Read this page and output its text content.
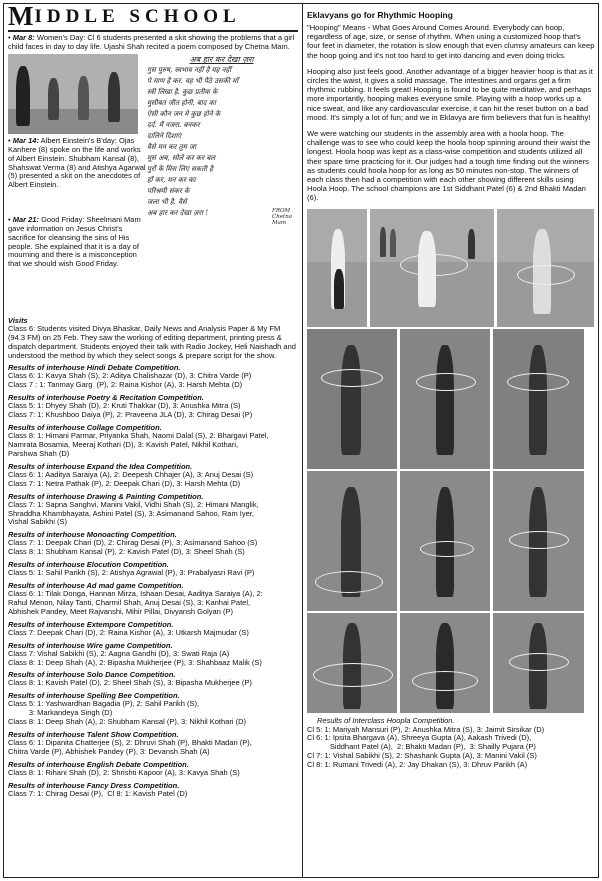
M IDDLE SCHOOL

• Mar 8: Women's Day: Cl 6 students presented a skit showing the problems that a girl child faces in day to day life. Ujashi Shah recited a poem composed by Chetna Mam.

अब हार कर देखा ज़रा
गुस पुरुष, स्वभाव नहीं है यह नहीं
पे माण है कर. वह भी पैठे उसकी माँ
स्त्री लिखा है. कुछ प्रतीक के
मुसीबत जीत होनी. बाद का
ऐसी कौन जन मे कुछ होने के
दर्द. मैं नजरा. बनकर
दालिने दिशाएं
वैसे मन कर तुम जा
मूस अब, सोले कर कर बल
पुरों के मिस लिए सकती है
हाँ कर, मन कर का
परिश्रमी संकर के
जला भी है. वैसे
अब हार कर देखा ज़रा !	FROM Chetna Mam

• Mar 14: Albert Einstein's B'day: Ojas Kanhere (8) spoke on the life and works of Albert Einstein. Shubham Kansal (8), Shahswat Verma (8) and Atishya Agarwal (5) presented a skit on the anecdotes of Albert Einstein.

• Mar 21: Good Friday: Sheelmani Mam gave information on Jesus Christ's sacrifice for cleansing the sins of His people. She explained that it is a day of mourning and there is a misconception that we should wish Good Friday.

Visits

Class 6: Students visited Divya Bhaskar, Daily News and Analysis Paper & My FM (94.3 FM) on 25 Feb. They saw the working of editing department, printing press & dispatch department. Students enjoyed their talk with Radio Jockey, Heli Naishadh and understood the method by which they select songs & prepare script for the show.

Results of interhouse Hindi Debate Competition.
Class 6: 1: Kavya Shah (S), 2: Aditya Chalishazar (D), 3: Chitra Varde (P)
Class 7 : 1: Tanmay Garg  (P), 2: Raina Kishor (A), 3: Harsh Mehta (D)
Results of interhouse Poetry & Recitation Competition.
Class 5: 1: Dhyey Shah (D), 2: Kruti Thakkar (D), 3: Anushka Mitra (S)
Class 7: 1: Khushboo Daiya (P), 2: Praveena JLA (D), 3: Chirag Desai (P)
Results of interhouse Collage Competition.
Class 8: 1: Himani Parmar, Priyanka Shah, Naomi Dalal (S), 2: Bhargavi Patel,
Namrata Bosamia, Meeraj Kothari (D), 3: Kavish Patel, Nikhil Kothari,
Parshwa Shah (D)
Results of interhouse Expand the Idea Competition.
Class 6: 1: Aaditya Saraiya (A), 2: Deepesh Chhajer (A), 3: Anuj Desai (S)
Class 7: 1: Netra Pathak (P), 2: Deepak Chari (D), 3: Harsh Mehta (D)
Results of interhouse Drawing & Painting Competition.
Class 7: 1: Sapna Sanghvi, Manini Vakil, Vidhi Shah (S), 2: Himani Manglik,
Shraddha Khambhayata, Ashini Patel (S), 3: Asimanand Sahoo, Ram Iyer,
Vishal Sabikhi (S)
Results of interhouse Monoacting Competition.
Class 7: 1: Deepak Chari (D), 2: Chirag Desai (P), 3: Asimanand Sahoo (S)
Class 8: 1: Shubham Kansal (P), 2: Kavish Patel (D), 3: Sheel Shah (S)
Results of interhouse Elocution Competition.
Class 5: 1: Sahil Parikh (S), 2: Atishya Agrawal (P), 3: Prabalyasri Ravi (P)
Results of interhouse Ad mad game Competition.
Class 6: 1: Tilak Donga, Hannan Mirza, Ishaan Desai, Aaditya Saraiya (A), 2:
Rahul Menon, Nilay Tanti, Charmil Shah, Anuj Desai (S), 3: Kanhai Patel,
Abhishek Pandey, Meet Rajvanshi, Mihir Pillai, Divyansh Golyan (P)
Results of interhouse Extempore Competition.
Class 7: Deepak Chari (D), 2: Raina Kishor (A), 3: Utkarsh Majmudar (S)
Results of interhouse Wire game Competition.
Class 7: Vishal Sabikhi (S), 2: Aagna Gandhi (D), 3: Swati Raja (A)
Class 8: 1: Deep Shah (A), 2: Bipasha Mukherjee (P), 3: Shahbaaz Malik (S)
Results of interhouse Solo Dance Competition.
Class 8: 1: Kavish Patel (D), 2: Sheel Shah (S), 3: Bipasha Mukherjee (P)
Results of interhouse Spelling Bee Competition.
Class 5: 1: Yashwardhan Bagadia (P), 2: Sahil Parikh (S),
3: Markandeya Singh (D)
Class 8: 1: Deep Shah (A), 2: Shubham Kansal (P), 3: Nikhil Kothari (D)
Results of interhouse Talent Show Competition.
Class 6: 1: Dipanita Chatterjee (S), 2: Dhruvi Shah (P), Bhakti Madan (P),
Chitra Varde (P), Abhishek Pandey (P), 3: Devansh Shah (A)
Results of interhouse English Debate Competition.
Class 8: 1: Rihani Shah (D), 2: Shrishti Kapoor (A), 3: Kavya Shah (S)
Results of interhouse Fancy Dress Competition.
Class 7: 1: Chirag Desai (P),  Cl 8: 1: Kavish Patel (D)
Eklavyans go for Rhythmic Hooping

"Hooping" Means - What Goes Around Comes Around. Everybody can hoop, regardless of age, size, or sense of rhythm. When using a customized hoop that's four feet in diameter, the rotation is slow enough that even clumsy amateurs can keep the hoop going and it's not too hard to get into dancing and even doing tricks.

Hooping also just feels good. Another advantage of a bigger heavier hoop is that as it circles the waist, it gives a solid massage. The intestines and organs get a firm rhythmic rubbing. It feels great! Hooping is found to be quite meditative, and perhaps more importantly, hooping makes everyone smile. Playing with a hoop works up a nice sweat, and like any cardiovascular exercise, it can hit the reset button on a bad mood. It's simply a lot of fun; and we in Eklavya are firm believers that fun is healthy!

We were watching our students in the assembly area with a hoola hoop. The challenge was to see who could keep the hoola hoop spinning around their waist the longest. Hoola hoop was kept as a class-wise competition and students utilized all their spare time practicing for it. Our judges had a tough time finding out the winners as students could hoola hoop for as long as 50 minutes non-stop. The winners of each class then had a competition with each other showing different skills using Hoola Hoop. The school champions are 1st Siddhant Patel (6) & 2nd Bhakti Madan (6).

Results of Interclass Hoopla Competition.
Cl 5: 1: Mariyah Mansuri (P), 2: Anushka Mitra (S), 3: Jaimit Sirsikar (D)
Cl 6: 1: Ipsita Bhargava (A), Shreeya Gupta (A), Aakash Trivedi (D),
Siddhant Patel (A),  2: Bhakti Madan (P),  3: Shailly Pujara (P)
Cl 7: 1: Vishal Sabikhi (S), 2: Shashank Gupta (A), 3: Manini Vakil (S)
Cl 8: 1: Rumani Trivedi (A), 2: Jay Dhakan (S), 3: Dhruv Parikh (A)
